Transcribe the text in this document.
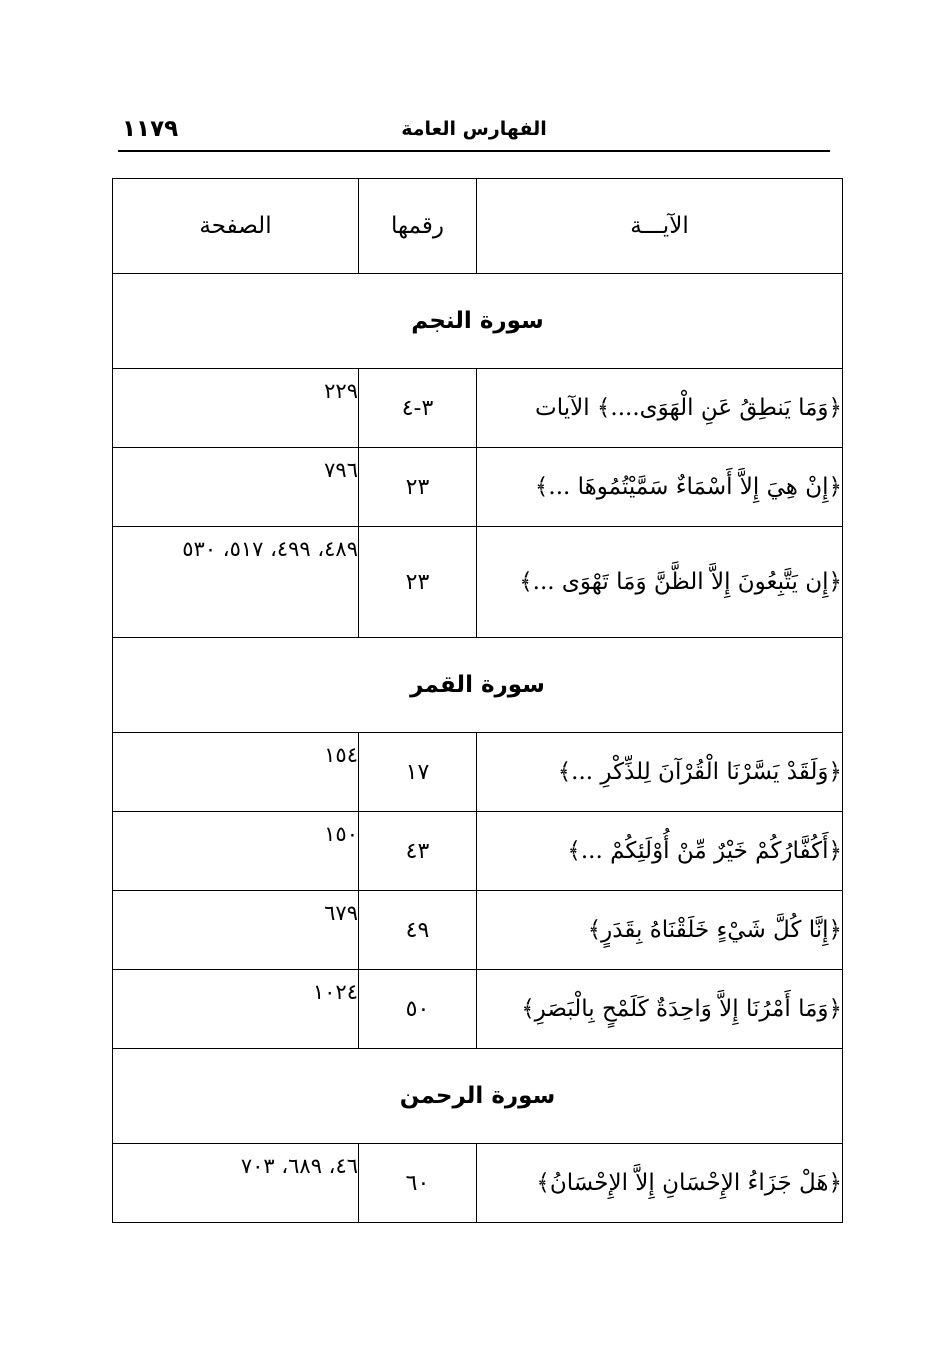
الفهارس العامة
١١٧٩
الآيـــة	رقمها	الصفحة
سورة النجم		
﴿وَمَا يَنطِقُ عَنِ الْهَوَى....﴾ الآيات	٣-٤	٢٢٩
﴿إِنْ هِيَ إِلاَّ أَسْمَاءٌ سَمَّيْتُمُوهَا ...﴾	٢٣	٧٩٦
﴿إِن يَتَّبِعُونَ إِلاَّ الظَّنَّ وَمَا تَهْوَى ...﴾	٢٣	٤٨٩، ٤٩٩، ٥١٧، ٥٣٠
سورة القمر		
﴿وَلَقَدْ يَسَّرْنَا الْقُرْآنَ لِلذِّكْرِ ...﴾	١٧	١٥٤
﴿أَكُفَّارُكُمْ خَيْرٌ مِّنْ أُوْلَئِكُمْ ...﴾	٤٣	١٥٠
﴿إِنَّا كُلَّ شَيْءٍ خَلَقْنَاهُ بِقَدَرٍ﴾	٤٩	٦٧٩
﴿وَمَا أَمْرُنَا إِلاَّ وَاحِدَةٌ كَلَمْحٍ بِالْبَصَرِ﴾	٥٠	١٠٢٤
سورة الرحمن		
﴿هَلْ جَزَاءُ الإِحْسَانِ إِلاَّ الإِحْسَانُ﴾	٦٠	٤٦، ٦٨٩، ٧٠٣
